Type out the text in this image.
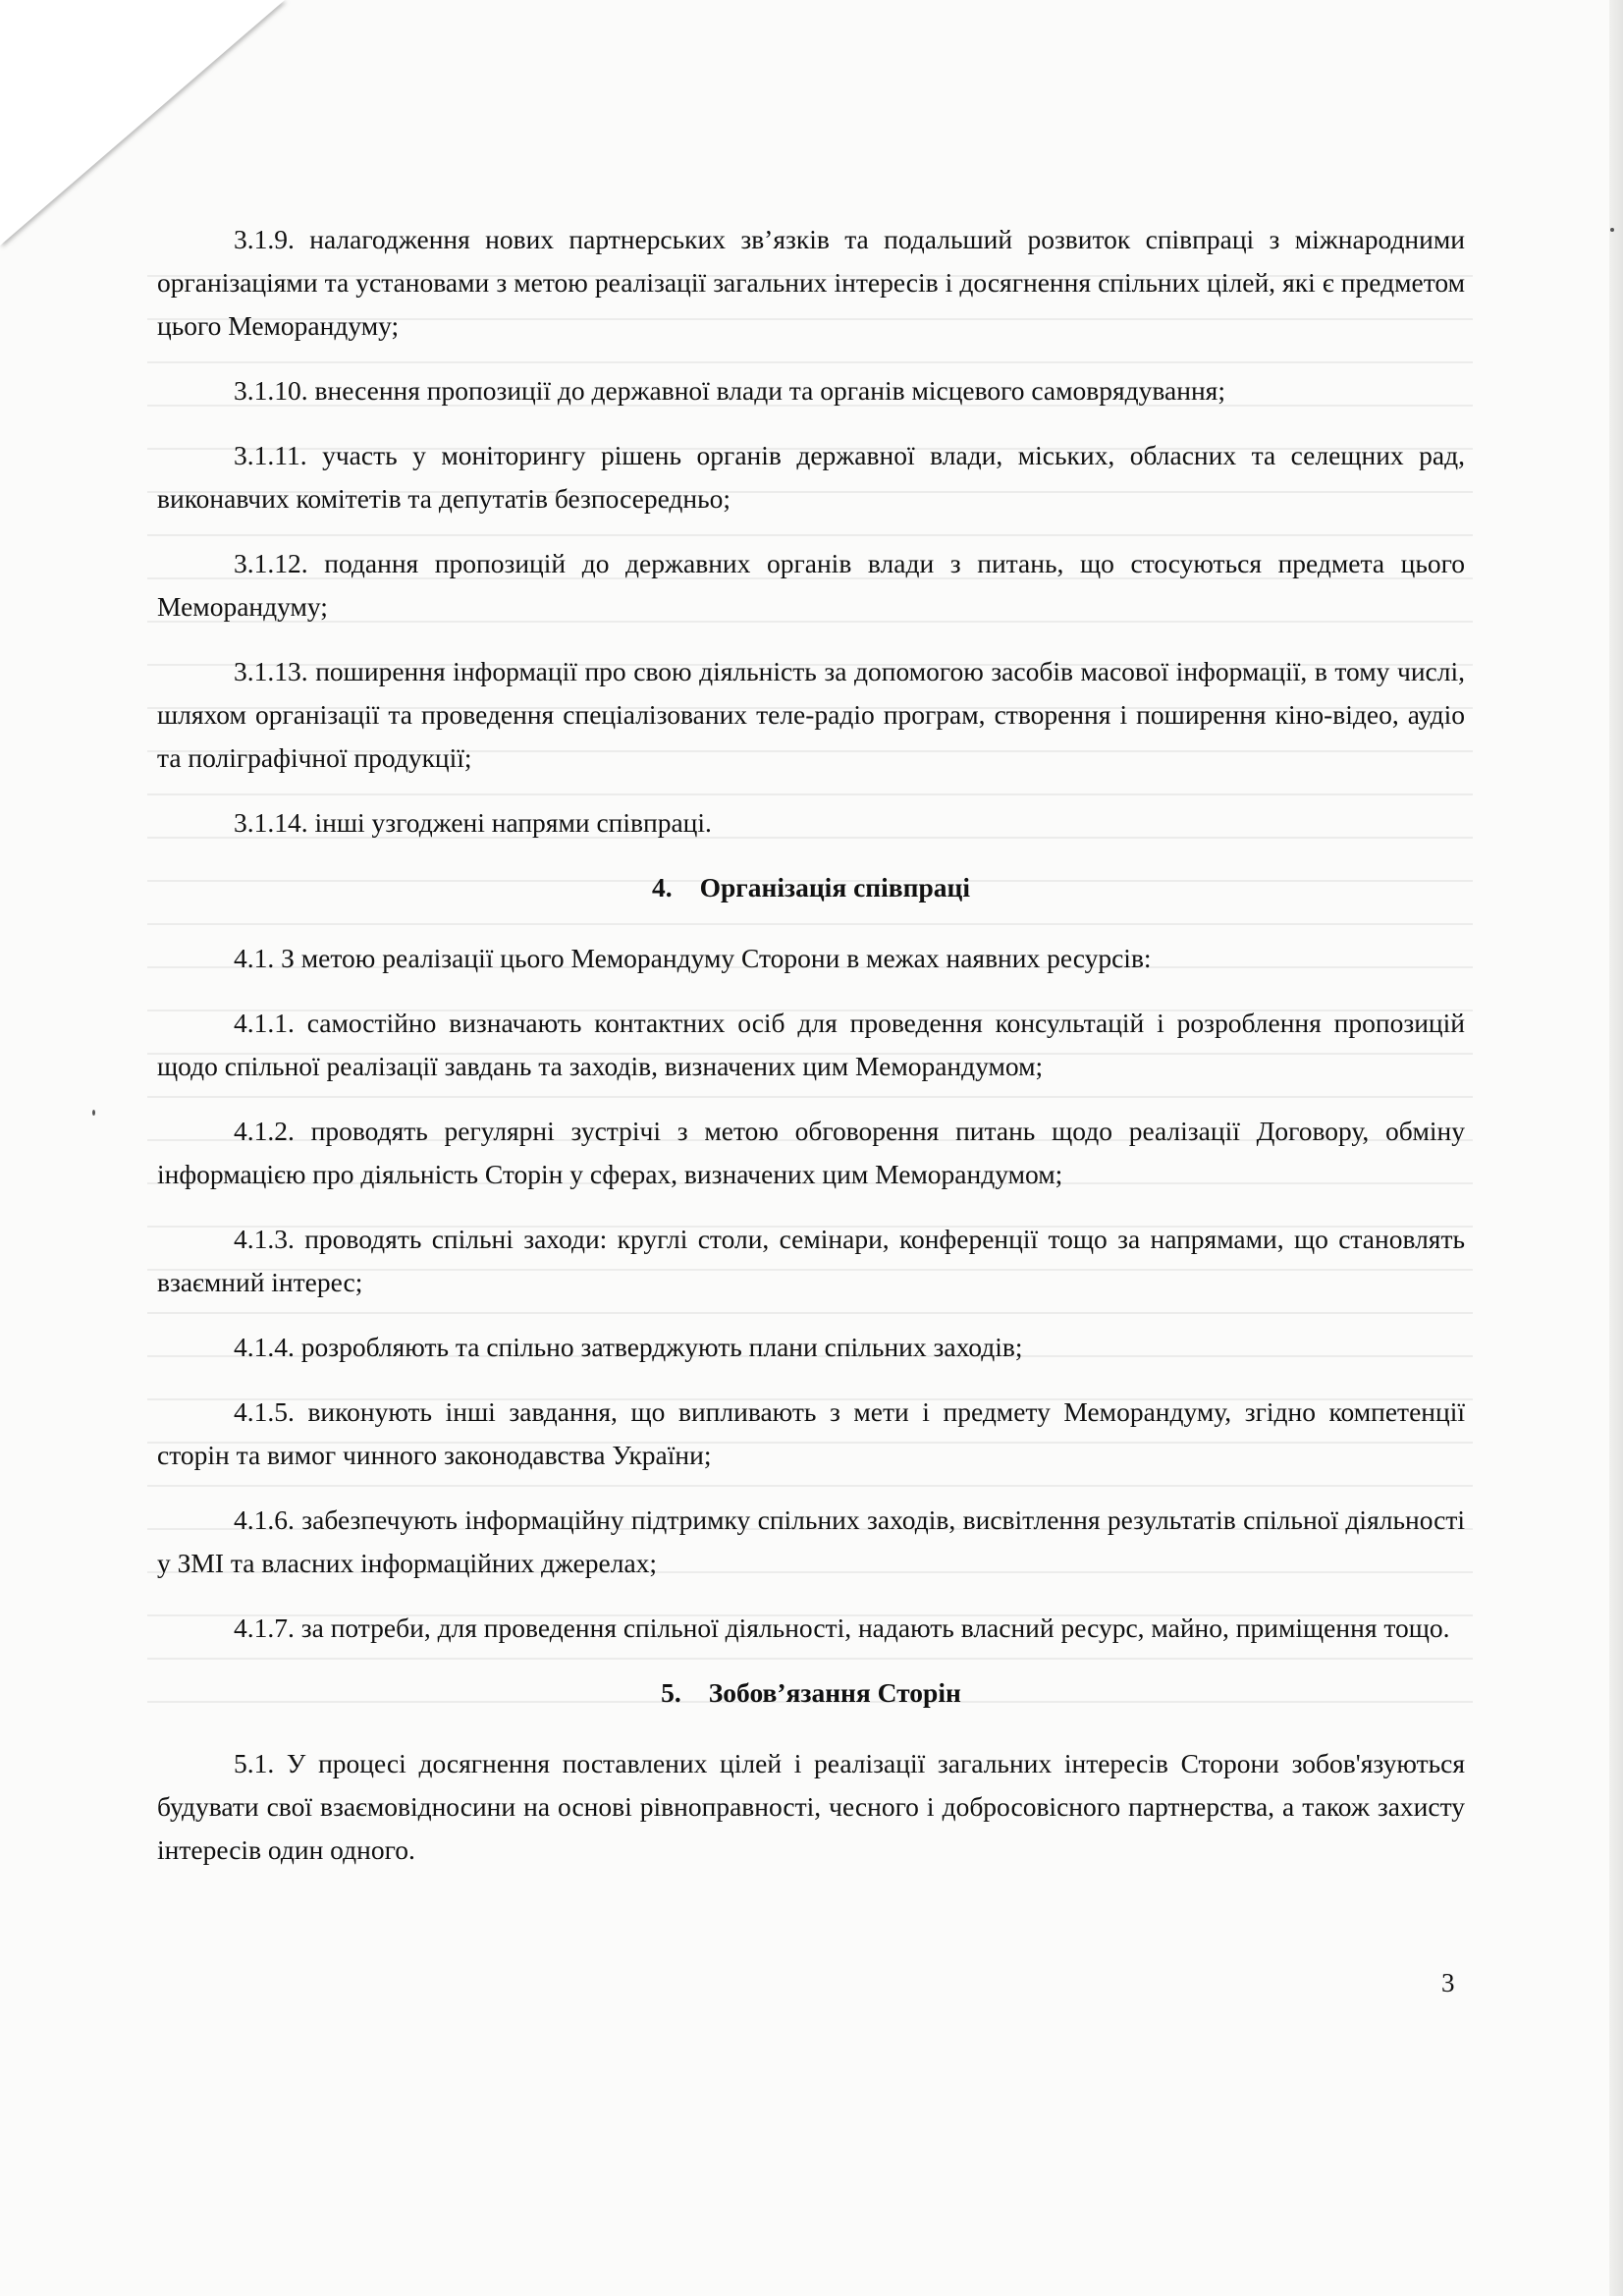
3.1.9. налагодження нових партнерських зв’язків та подальший розвиток співпраці з міжнародними організаціями та установами з метою реалізації загальних інтересів і досягнення спільних цілей, які є предметом цього Меморандуму;

3.1.10. внесення пропозиції до державної влади та органів місцевого самоврядування;

3.1.11. участь у моніторингу рішень органів державної влади, міських, обласних та селещних рад, виконавчих комітетів та депутатів безпосередньо;

3.1.12. подання пропозицій до державних органів влади з питань, що стосуються предмета цього Меморандуму;

3.1.13. поширення інформації про свою діяльність за допомогою засобів масової інформації, в тому числі, шляхом організації та проведення спеціалізованих теле-радіо програм, створення і поширення кіно-відео, аудіо та поліграфічної продукції;

3.1.14. інші узгоджені напрями співпраці.

4. Організація співпраці

4.1. З метою реалізації цього Меморандуму Сторони в межах наявних ресурсів:

4.1.1. самостійно визначають контактних осіб для проведення консультацій і розроблення пропозицій щодо спільної реалізації завдань та заходів, визначених цим Меморандумом;

4.1.2. проводять регулярні зустрічі з метою обговорення питань щодо реалізації Договору, обміну інформацією про діяльність Сторін у сферах, визначених цим Меморандумом;

4.1.3. проводять спільні заходи: круглі столи, семінари, конференції тощо за напрямами, що становлять взаємний інтерес;

4.1.4. розробляють та спільно затверджують плани спільних заходів;

4.1.5. виконують інші завдання, що випливають з мети і предмету Меморандуму, згідно компетенції сторін та вимог чинного законодавства України;

4.1.6. забезпечують інформаційну підтримку спільних заходів, висвітлення результатів спільної діяльності у ЗМІ та власних інформаційних джерелах;

4.1.7. за потреби, для проведення спільної діяльності, надають власний ресурс, майно, приміщення тощо.

5. Зобов’язання Сторін

5.1. У процесі досягнення поставлених цілей і реалізації загальних інтересів Сторони зобов'язуються будувати свої взаємовідносини на основі рівноправності, чесного і добросовісного партнерства, а також захисту інтересів один одного.

3
